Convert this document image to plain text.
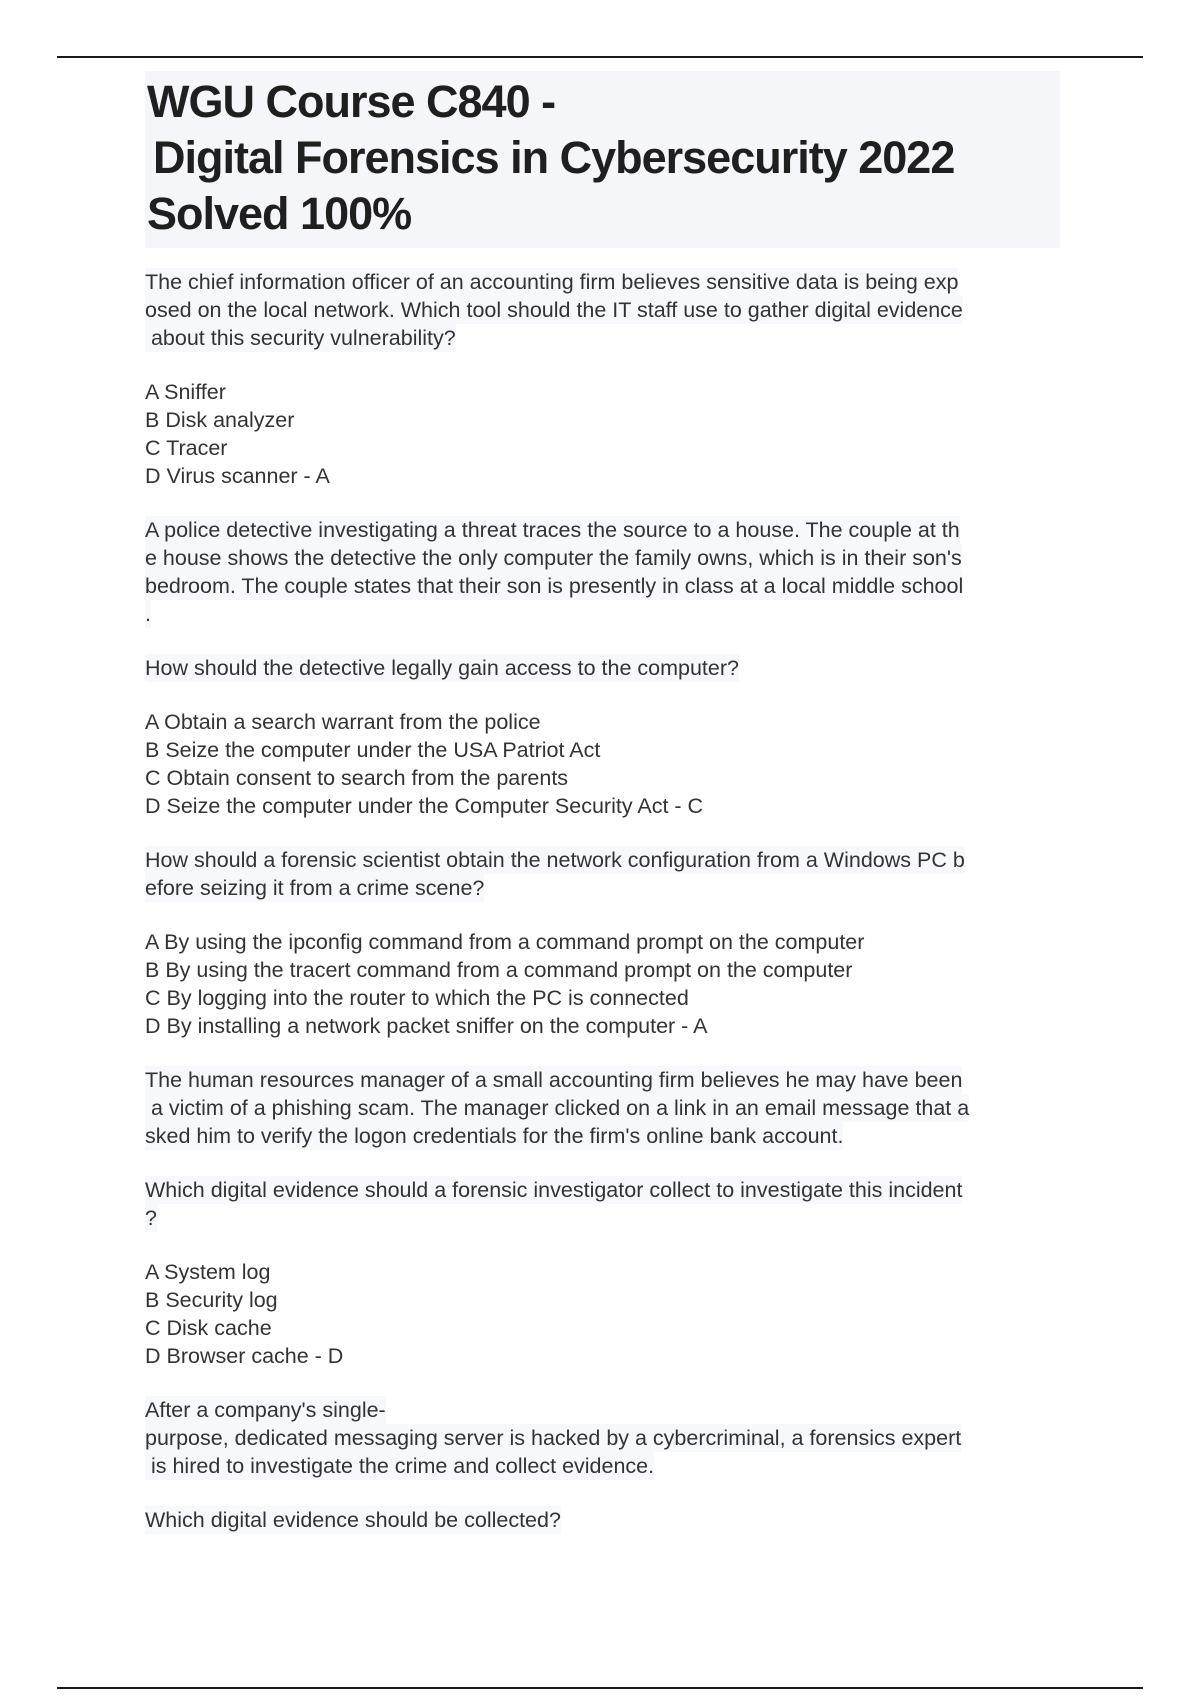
WGU Course C840 -
Digital Forensics in Cybersecurity 2022
Solved 100%
The chief information officer of an accounting firm believes sensitive data is being exp
osed on the local network. Which tool should the IT staff use to gather digital evidence
about this security vulnerability?
A Sniffer
B Disk analyzer
C Tracer
D Virus scanner - A
A police detective investigating a threat traces the source to a house. The couple at th
e house shows the detective the only computer the family owns, which is in their son's
bedroom. The couple states that their son is presently in class at a local middle school
.
How should the detective legally gain access to the computer?
A Obtain a search warrant from the police
B Seize the computer under the USA Patriot Act
C Obtain consent to search from the parents
D Seize the computer under the Computer Security Act - C
How should a forensic scientist obtain the network configuration from a Windows PC b
efore seizing it from a crime scene?
A By using the ipconfig command from a command prompt on the computer
B By using the tracert command from a command prompt on the computer
C By logging into the router to which the PC is connected
D By installing a network packet sniffer on the computer - A
The human resources manager of a small accounting firm believes he may have been
a victim of a phishing scam. The manager clicked on a link in an email message that a
sked him to verify the logon credentials for the firm's online bank account.
Which digital evidence should a forensic investigator collect to investigate this incident
?
A System log
B Security log
C Disk cache
D Browser cache - D
After a company's single-
purpose, dedicated messaging server is hacked by a cybercriminal, a forensics expert
is hired to investigate the crime and collect evidence.
Which digital evidence should be collected?
